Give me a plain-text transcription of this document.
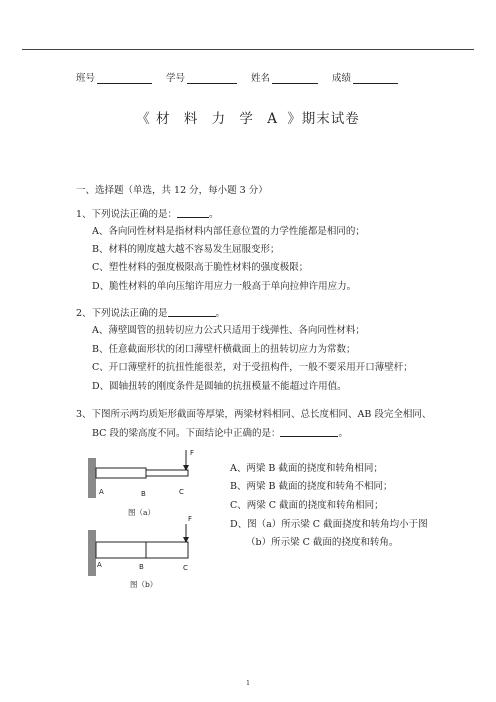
班号	学号	姓名	成绩
《 材 料 力 学 A 》期末试卷
一、选择题（单选，共 12 分，每小题 3 分）
1、下列说法正确的是：	。
A、各向同性材料是指材料内部任意位置的力学性能都是相同的；
B、材料的刚度越大越不容易发生屈服变形；
C、塑性材料的强度极限高于脆性材料的强度极限；
D、脆性材料的单向压缩许用应力一般高于单向拉伸许用应力。
2、下列说法正确的是	。
A、薄壁圆管的扭转切应力公式只适用于线弹性、各向同性材料；
B、任意截面形状的闭口薄壁杆横截面上的扭转切应力为常数；
C、开口薄壁杆的抗扭性能很差，对于受扭构件，一般不要采用开口薄壁杆；
D、圆轴扭转的刚度条件是圆轴的抗扭模量不能超过许用值。
3、下图所示两均质矩形截面等厚梁，两梁材料相同、总长度相同、AB 段完全相同、
BC 段的梁高度不同。下面结论中正确的是：	。
F
A	B	C
图（a）
F
A	B	C
图（b）
A、两梁 B 截面的挠度和转角相同；
B、两梁 B 截面的挠度和转角不相同；
C、两梁 C 截面的挠度和转角相同；
D、图（a）所示梁 C 截面挠度和转角均小于图
（b）所示梁 C 截面的挠度和转角。
1
